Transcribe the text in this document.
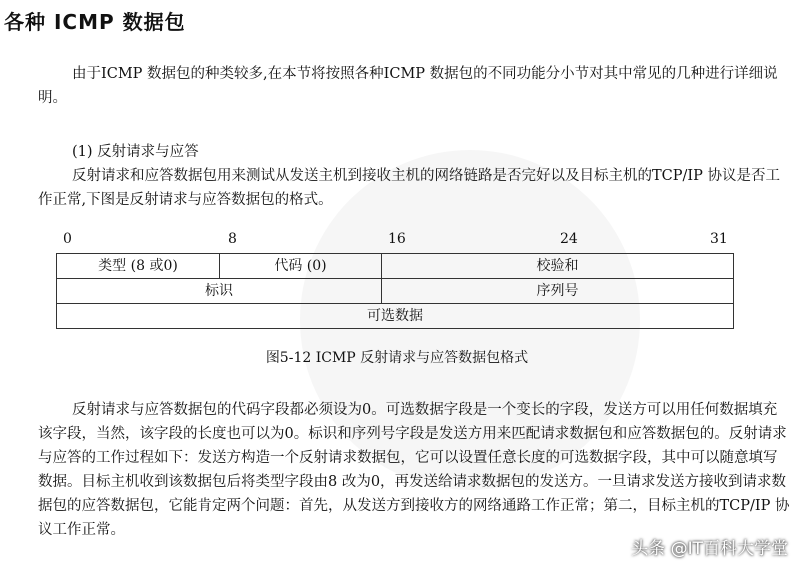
各种 ICMP 数据包

由于ICMP 数据包的种类较多,在本节将按照各种ICMP 数据包的不同功能分小节对其中常见的几种进行详细说明。

(1) 反射请求与应答

反射请求和应答数据包用来测试从发送主机到接收主机的网络链路是否完好以及目标主机的TCP/IP 协议是否工作正常,下图是反射请求与应答数据包的格式。

0	8	16	24	31
类型 (8 或0)	代码 (0)	校验和
标识	序列号
可选数据
图5-12 ICMP 反射请求与应答数据包格式

反射请求与应答数据包的代码字段都必须设为0。可选数据字段是一个变长的字段，发送方可以用任何数据填充该字段，当然，该字段的长度也可以为0。标识和序列号字段是发送方用来匹配请求数据包和应答数据包的。反射请求与应答的工作过程如下：发送方构造一个反射请求数据包，它可以设置任意长度的可选数据字段，其中可以随意填写数据。目标主机收到该数据包后将类型字段由8 改为0，再发送给请求数据包的发送方。一旦请求发送方接收到请求数据包的应答数据包，它能肯定两个问题：首先，从发送方到接收方的网络通路工作正常；第二，目标主机的TCP/IP 协议工作正常。

头条 @IT百科大学堂
